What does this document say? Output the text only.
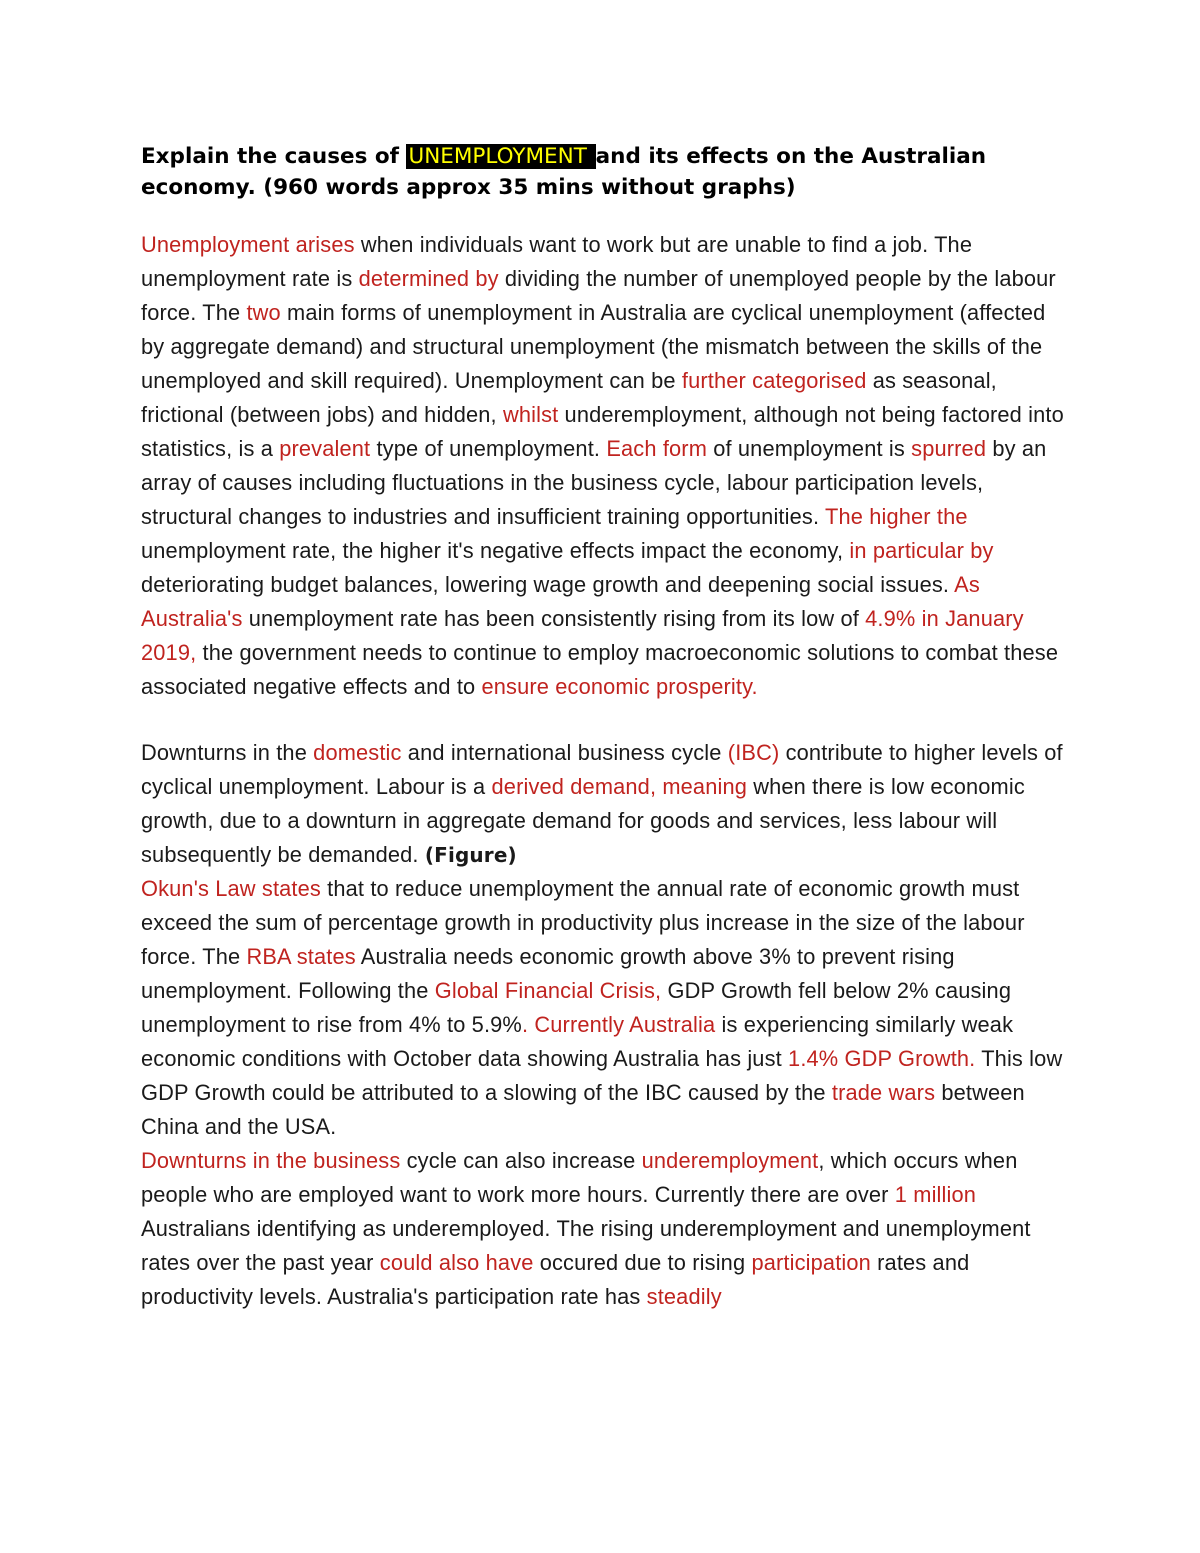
Explain the causes of UNEMPLOYMENT and its effects on the Australian economy. (960 words approx 35 mins without graphs)

Unemployment arises when individuals want to work but are unable to find a job. The unemployment rate is determined by dividing the number of unemployed people by the labour force. The two main forms of unemployment in Australia are cyclical unemployment (affected by aggregate demand) and structural unemployment (the mismatch between the skills of the unemployed and skill required). Unemployment can be further categorised as seasonal, frictional (between jobs) and hidden, whilst underemployment, although not being factored into statistics, is a prevalent type of unemployment. Each form of unemployment is spurred by an array of causes including fluctuations in the business cycle, labour participation levels, structural changes to industries and insufficient training opportunities. The higher the unemployment rate, the higher it's negative effects impact the economy, in particular by deteriorating budget balances, lowering wage growth and deepening social issues. As Australia's unemployment rate has been consistently rising from its low of 4.9% in January 2019, the government needs to continue to employ macroeconomic solutions to combat these associated negative effects and to ensure economic prosperity.

Downturns in the domestic and international business cycle (IBC) contribute to higher levels of cyclical unemployment. Labour is a derived demand, meaning when there is low economic growth, due to a downturn in aggregate demand for goods and services, less labour will subsequently be demanded. (Figure)
Okun's Law states that to reduce unemployment the annual rate of economic growth must exceed the sum of percentage growth in productivity plus increase in the size of the labour force. The RBA states Australia needs economic growth above 3% to prevent rising unemployment. Following the Global Financial Crisis, GDP Growth fell below 2% causing unemployment to rise from 4% to 5.9%. Currently Australia is experiencing similarly weak economic conditions with October data showing Australia has just 1.4% GDP Growth. This low GDP Growth could be attributed to a slowing of the IBC caused by the trade wars between China and the USA.
Downturns in the business cycle can also increase underemployment, which occurs when people who are employed want to work more hours. Currently there are over 1 million Australians identifying as underemployed. The rising underemployment and unemployment rates over the past year could also have occured due to rising participation rates and productivity levels. Australia's participation rate has steadily
